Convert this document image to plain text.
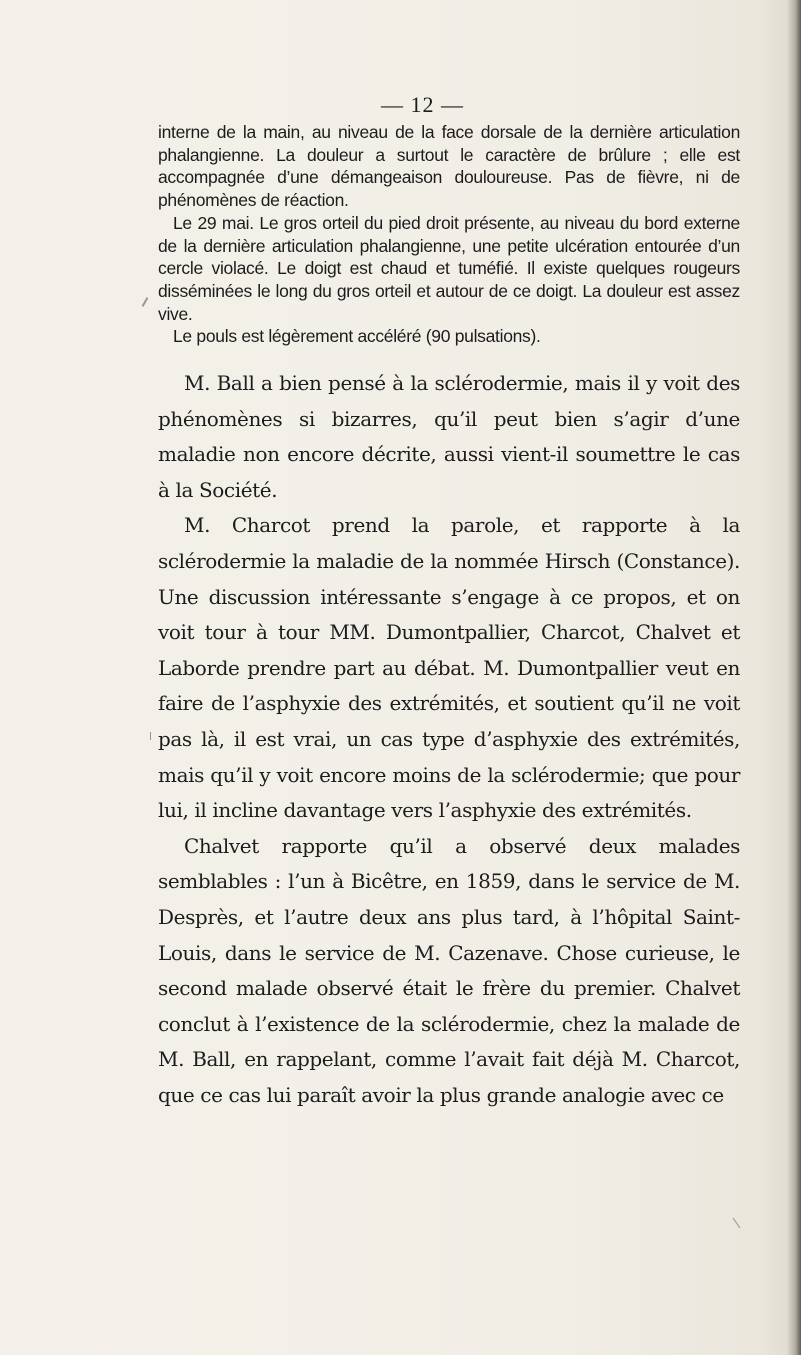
— 12 —

interne de la main, au niveau de la face dorsale de la dernière articulation phalangienne. La douleur a surtout le caractère de brûlure ; elle est accompagnée d’une démangeaison douloureuse. Pas de fièvre, ni de phénomènes de réaction.

Le 29 mai. Le gros orteil du pied droit présente, au niveau du bord externe de la dernière articulation phalangienne, une petite ulcération entourée d’un cercle violacé. Le doigt est chaud et tuméfié. Il existe quelques rougeurs disséminées le long du gros orteil et autour de ce doigt. La douleur est assez vive.

Le pouls est légèrement accéléré (90 pulsations).

M. Ball a bien pensé à la sclérodermie, mais il y voit des phénomènes si bizarres, qu’il peut bien s’agir d’une maladie non encore décrite, aussi vient-il soumettre le cas à la Société.

M. Charcot prend la parole, et rapporte à la sclérodermie la maladie de la nommée Hirsch (Constance). Une discussion intéressante s’engage à ce propos, et on voit tour à tour MM. Dumontpallier, Charcot, Chalvet et Laborde prendre part au débat. M. Dumontpallier veut en faire de l’asphyxie des extrémités, et soutient qu’il ne voit pas là, il est vrai, un cas type d’asphyxie des extrémités, mais qu’il y voit encore moins de la sclérodermie; que pour lui, il incline davantage vers l’asphyxie des extrémités.

Chalvet rapporte qu’il a observé deux malades semblables : l’un à Bicêtre, en 1859, dans le service de M. Desprès, et l’autre deux ans plus tard, à l’hôpital Saint-Louis, dans le service de M. Cazenave. Chose curieuse, le second malade observé était le frère du premier. Chalvet conclut à l’existence de la sclérodermie, chez la malade de M. Ball, en rappelant, comme l’avait fait déjà M. Charcot, que ce cas lui paraît avoir la plus grande analogie avec ce
